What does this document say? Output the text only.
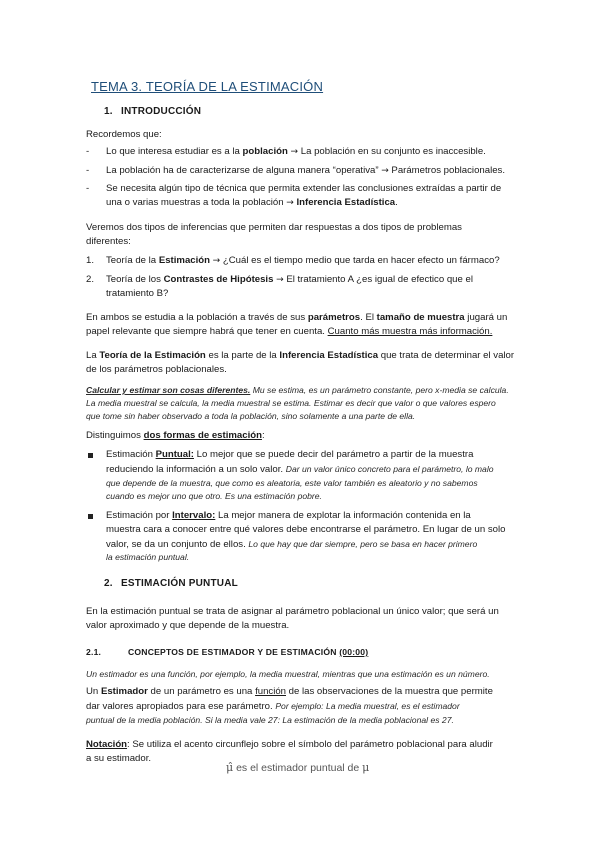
TEMA 3. TEORÍA DE LA ESTIMACIÓN
1. INTRODUCCIÓN
Recordemos que:
- Lo que interesa estudiar es a la población → La población en su conjunto es inaccesible.
- La población ha de caracterizarse de alguna manera “operativa” → Parámetros poblacionales.
- Se necesita algún tipo de técnica que permita extender las conclusiones extraídas a partir de
una o varias muestras a toda la población → Inferencia Estadística.
Veremos dos tipos de inferencias que permiten dar respuestas a dos tipos de problemas
diferentes:
1. Teoría de la Estimación → ¿Cuál es el tiempo medio que tarda en hacer efecto un fármaco?
2. Teoría de los Contrastes de Hipótesis → El tratamiento A ¿es igual de efectico que el
tratamiento B?
En ambos se estudia a la población a través de sus parámetros. El tamaño de muestra jugará un
papel relevante que siempre habrá que tener en cuenta. Cuanto más muestra más información.
La Teoría de la Estimación es la parte de la Inferencia Estadística que trata de determinar el valor
de los parámetros poblacionales.
Calcular y estimar son cosas diferentes. Mu se estima, es un parámetro constante, pero x-media se calcula.
La media muestral se calcula, la media muestral se estima. Estimar es decir que valor o que valores espero
que tome sin haber observado a toda la población, sino solamente a una parte de ella.
Distinguimos dos formas de estimación:
Estimación Puntual: Lo mejor que se puede decir del parámetro a partir de la muestra
reduciendo la información a un solo valor. Dar un valor único concreto para el parámetro, lo malo
que depende de la muestra, que como es aleatoria, este valor también es aleatorio y no sabemos
cuando es mejor uno que otro. Es una estimación pobre.
Estimación por Intervalo: La mejor manera de explotar la información contenida en la
muestra cara a conocer entre qué valores debe encontrarse el parámetro. En lugar de un solo
valor, se da un conjunto de ellos. Lo que hay que dar siempre, pero se basa en hacer primero
la estimación puntual.
2. ESTIMACIÓN PUNTUAL
En la estimación puntual se trata de asignar al parámetro poblacional un único valor; que será un
valor aproximado y que depende de la muestra.
2.1.	CONCEPTOS DE ESTIMADOR Y DE ESTIMACIÓN (00:00)
Un estimador es una función, por ejemplo, la media muestral, mientras que una estimación es un número.
Un Estimador de un parámetro es una función de las observaciones de la muestra que permite
dar valores apropiados para ese parámetro. Por ejemplo: La media muestral, es el estimador
puntual de la media población. Si la media vale 27: La estimación de la media poblacional es 27.
Notación: Se utiliza el acento circunflejo sobre el símbolo del parámetro poblacional para aludir
a su estimador.
μ̂ es el estimador puntual de μ
